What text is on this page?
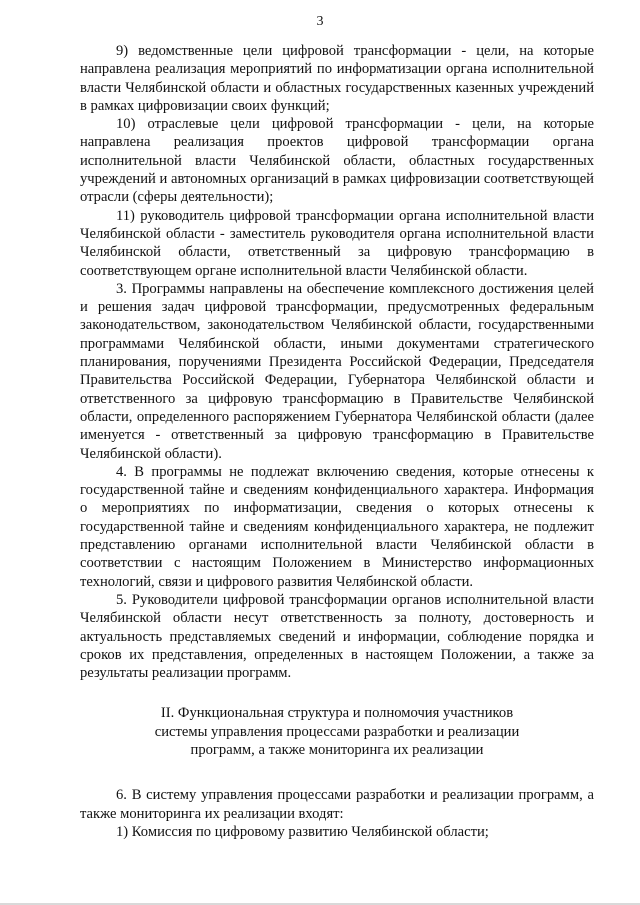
3

9) ведомственные цели цифровой трансформации - цели, на которые направлена реализация мероприятий по информатизации органа исполнительной власти Челябинской области и областных государственных казенных учреждений в рамках цифровизации своих функций;

10) отраслевые цели цифровой трансформации - цели, на которые направлена реализация проектов цифровой трансформации органа исполнительной власти Челябинской области, областных государственных учреждений и автономных организаций в рамках цифровизации соответствующей отрасли (сферы деятельности);

11) руководитель цифровой трансформации органа исполнительной власти Челябинской области - заместитель руководителя органа исполнительной власти Челябинской области, ответственный за цифровую трансформацию в соответствующем органе исполнительной власти Челябинской области.

3. Программы направлены на обеспечение комплексного достижения целей и решения задач цифровой трансформации, предусмотренных федеральным законодательством, законодательством Челябинской области, государственными программами Челябинской области, иными документами стратегического планирования, поручениями Президента Российской Федерации, Председателя Правительства Российской Федерации, Губернатора Челябинской области и ответственного за цифровую трансформацию в Правительстве Челябинской области, определенного распоряжением Губернатора Челябинской области (далее именуется - ответственный за цифровую трансформацию в Правительстве Челябинской области).

4. В программы не подлежат включению сведения, которые отнесены к государственной тайне и сведениям конфиденциального характера. Информация о мероприятиях по информатизации, сведения о которых отнесены к государственной тайне и сведениям конфиденциального характера, не подлежит представлению органами исполнительной власти Челябинской области в соответствии с настоящим Положением в Министерство информационных технологий, связи и цифрового развития Челябинской области.

5. Руководители цифровой трансформации органов исполнительной власти Челябинской области несут ответственность за полноту, достоверность и актуальность представляемых сведений и информации, соблюдение порядка и сроков их представления, определенных в настоящем Положении, а также за результаты реализации программ.

II. Функциональная структура и полномочия участников
системы управления процессами разработки и реализации
программ, а также мониторинга их реализации

6. В систему управления процессами разработки и реализации программ, а также мониторинга их реализации входят:

1) Комиссия по цифровому развитию Челябинской области;
